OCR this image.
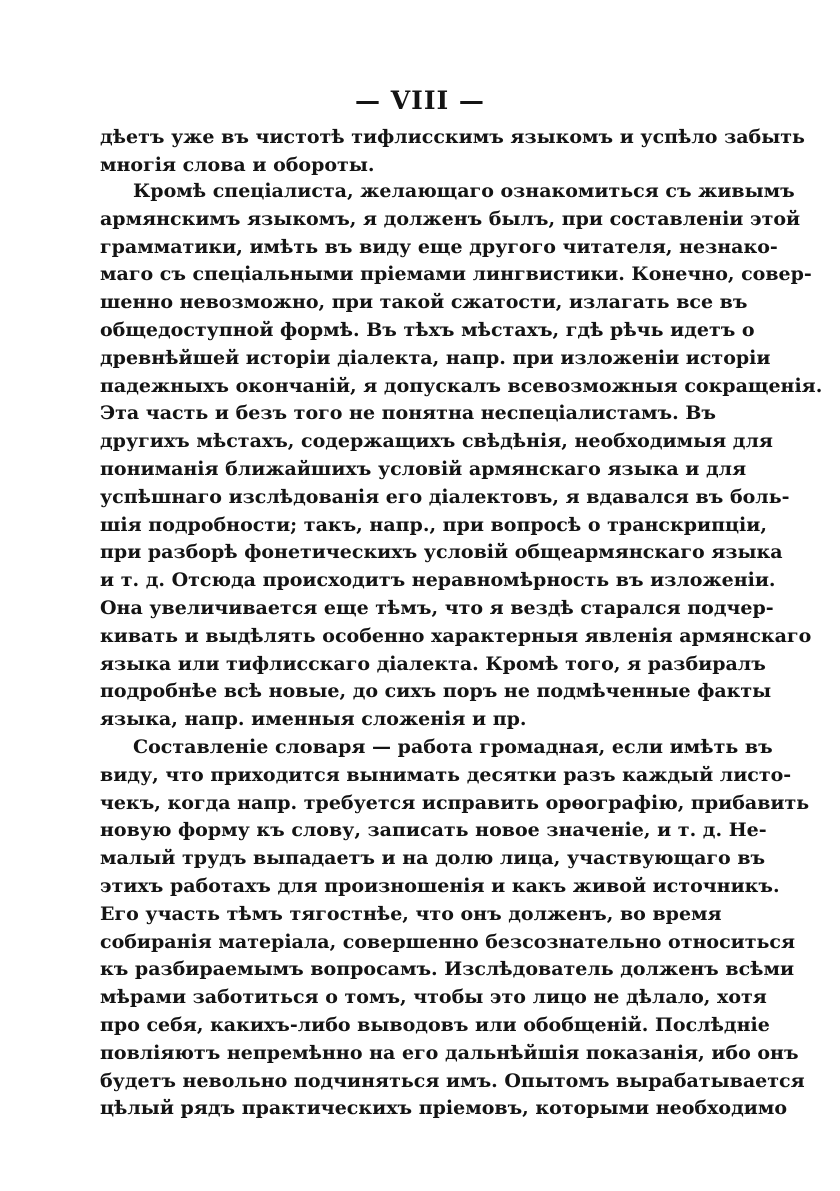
— VIII —
дѣетъ уже въ чистотѣ тифлисскимъ языкомъ и успѣло забыть
многія слова и обороты.
Кромѣ спеціалиста, желающаго ознакомиться съ живымъ
армянскимъ языкомъ, я долженъ былъ, при составленіи этой
грамматики, имѣть въ виду еще другого читателя, незнако-
маго съ спеціальными пріемами лингвистики. Конечно, совер-
шенно невозможно, при такой сжатости, излагать все въ
общедоступной формѣ. Въ тѣхъ мѣстахъ, гдѣ рѣчь идетъ о
древнѣйшей исторіи діалекта, напр. при изложеніи исторіи
падежныхъ окончаній, я допускалъ всевозможныя сокращенія.
Эта часть и безъ того не понятна неспеціалистамъ. Въ
другихъ мѣстахъ, содержащихъ свѣдѣнія, необходимыя для
пониманія ближайшихъ условій армянскаго языка и для
успѣшнаго изслѣдованія его діалектовъ, я вдавался въ боль-
шія подробности; такъ, напр., при вопросѣ о транскрипціи,
при разборѣ фонетическихъ условій общеармянскаго языка
и т. д. Отсюда происходитъ неравномѣрность въ изложеніи.
Она увеличивается еще тѣмъ, что я вездѣ старался подчер-
кивать и выдѣлять особенно характерныя явленія армянскаго
языка или тифлисскаго діалекта. Кромѣ того, я разбиралъ
подробнѣе всѣ новые, до сихъ поръ не подмѣченные факты
языка, напр. именныя сложенія и пр.
Составленіе словаря — работа громадная, если имѣть въ
виду, что приходится вынимать десятки разъ каждый листо-
чекъ, когда напр. требуется исправить орѳографію, прибавить
новую форму къ слову, записать новое значеніе, и т. д. Не-
малый трудъ выпадаетъ и на долю лица, участвующаго въ
этихъ работахъ для произношенія и какъ живой источникъ.
Его участь тѣмъ тягостнѣе, что онъ долженъ, во время
собиранія матеріала, совершенно безсознательно относиться
къ разбираемымъ вопросамъ. Изслѣдователь долженъ всѣми
мѣрами заботиться о томъ, чтобы это лицо не дѣлало, хотя
про себя, какихъ-либо выводовъ или обобщеній. Послѣдніе
повліяютъ непремѣнно на его дальнѣйшія показанія, ибо онъ
будетъ невольно подчиняться имъ. Опытомъ вырабатывается
цѣлый рядъ практическихъ пріемовъ, которыми необходимо
